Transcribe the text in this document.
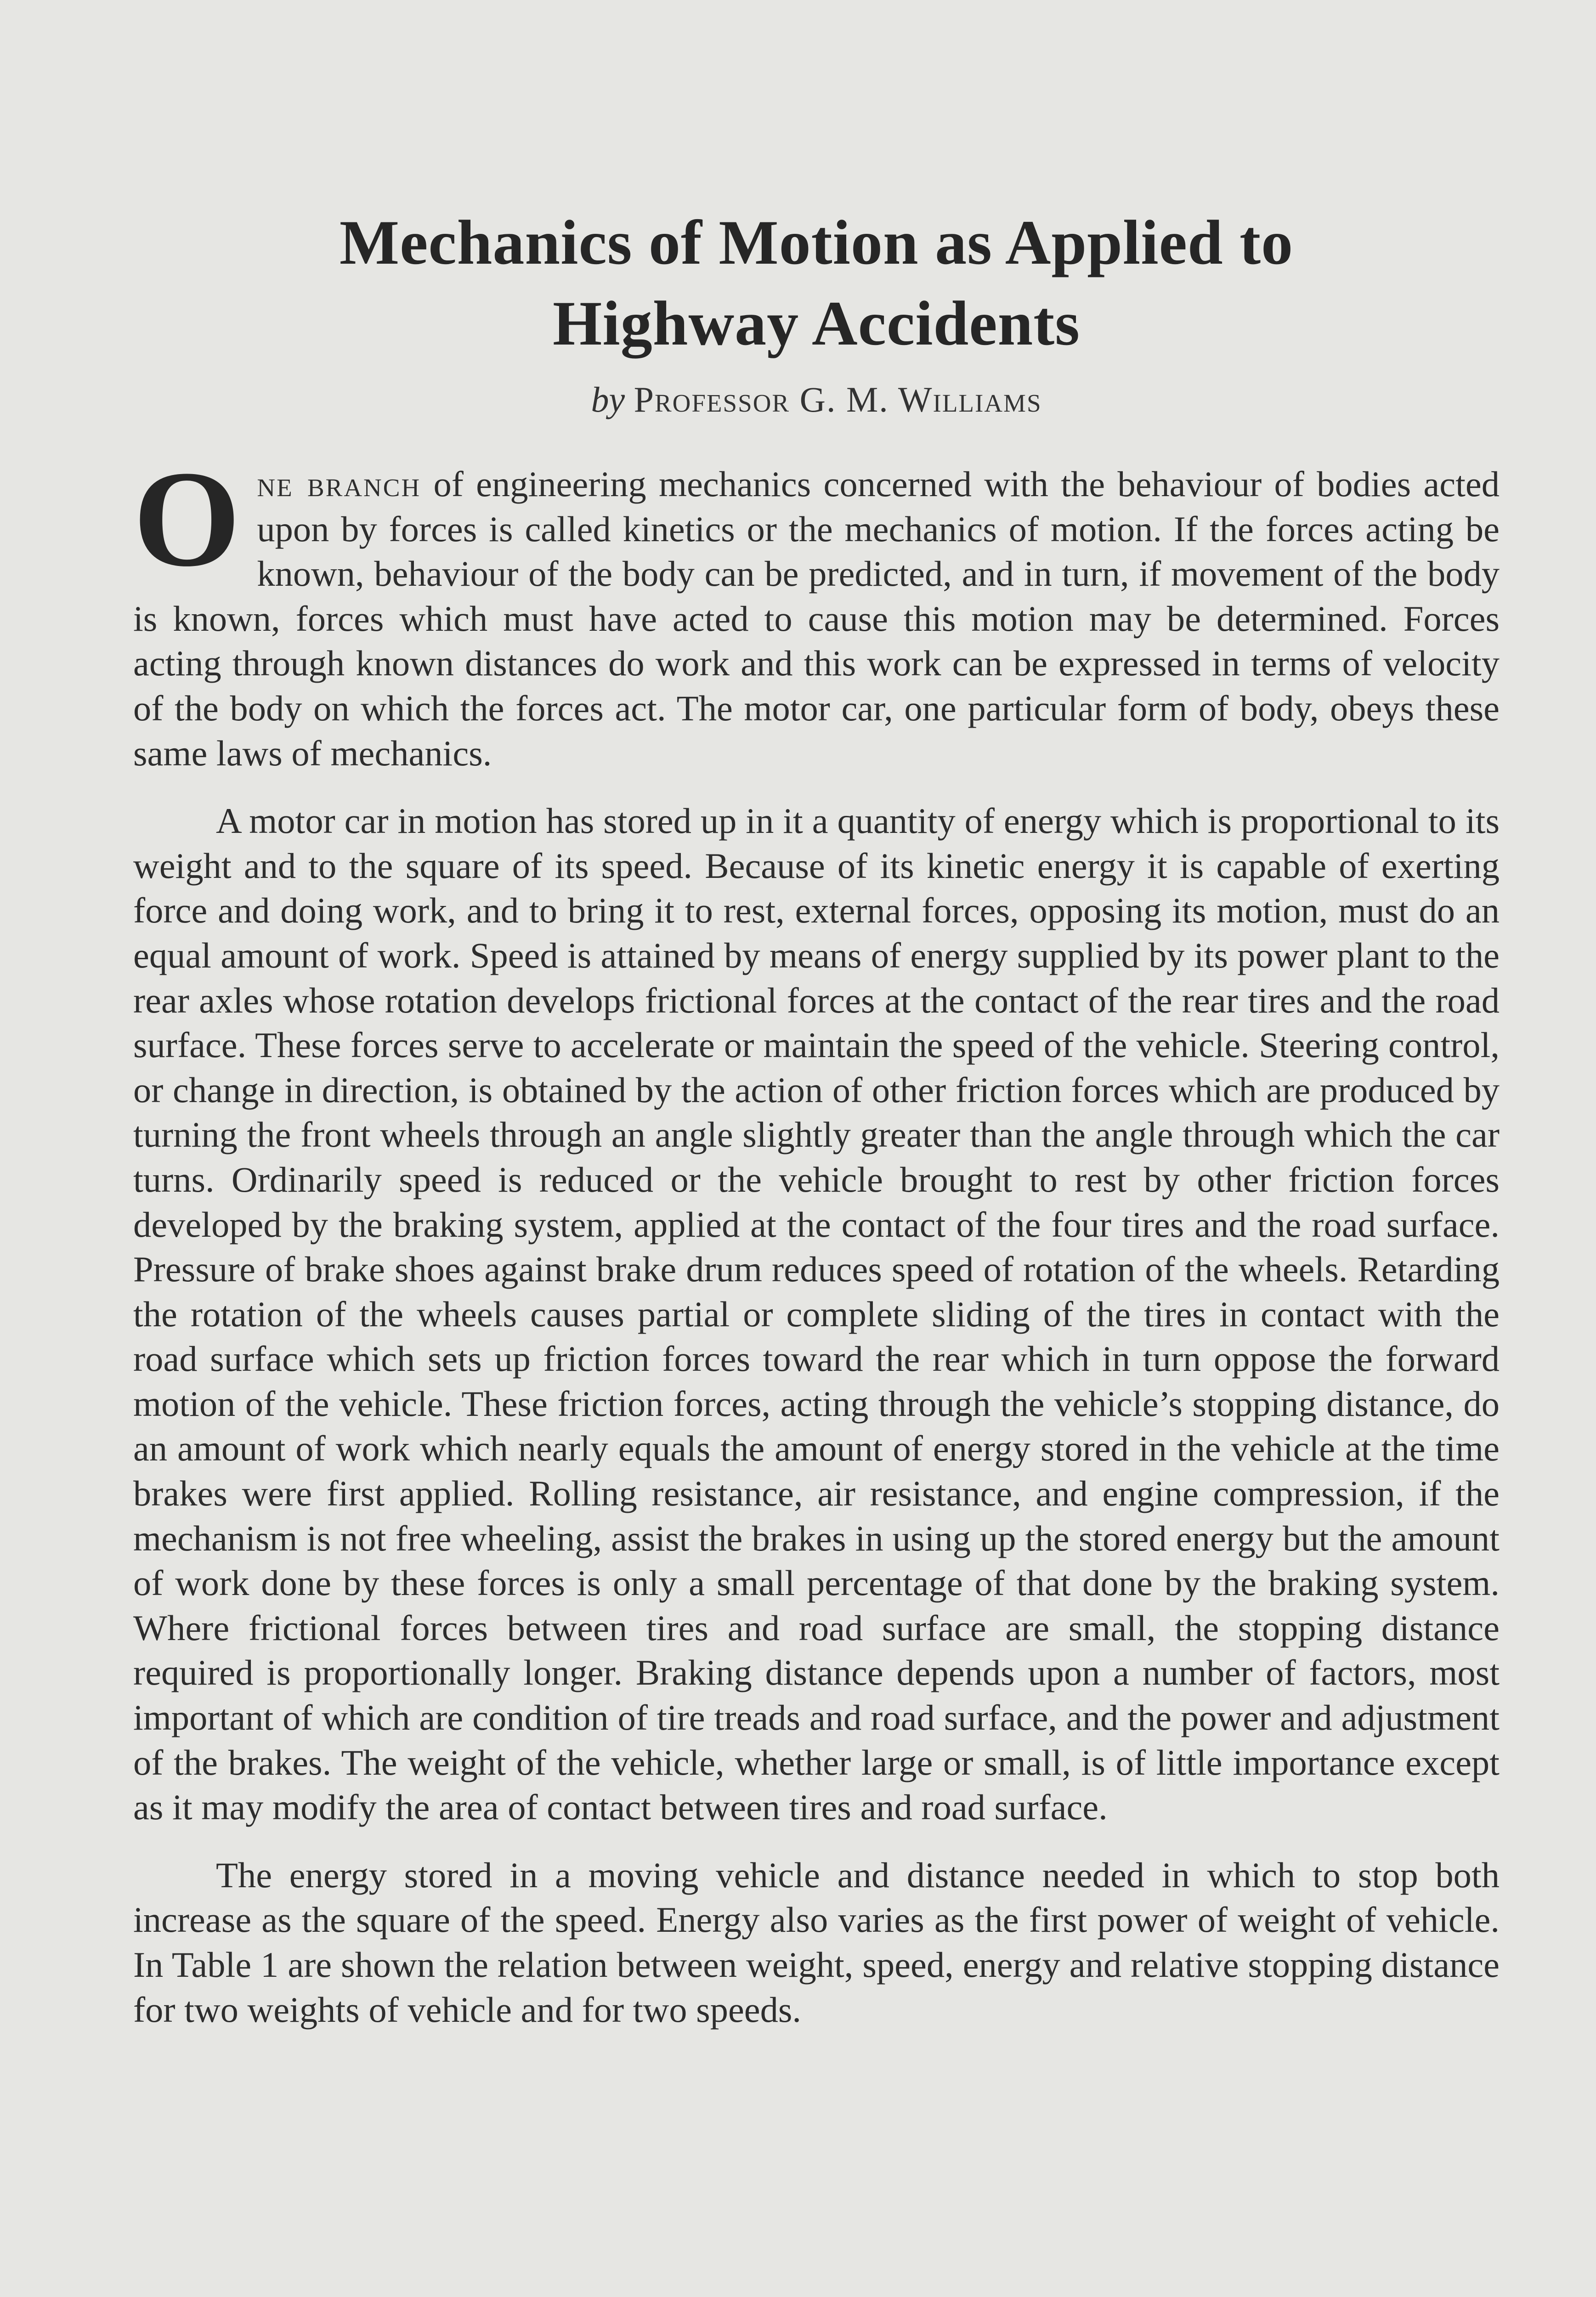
Mechanics of Motion as Applied to
Highway Accidents
by Professor G. M. Williams

One branch of engineering mechanics concerned with the behaviour of bodies acted upon by forces is called kinetics or the mechanics of motion. If the forces acting be known, behaviour of the body can be predicted, and in turn, if movement of the body is known, forces which must have acted to cause this motion may be determined. Forces acting through known distances do work and this work can be expressed in terms of velocity of the body on which the forces act. The motor car, one particular form of body, obeys these same laws of mechanics.

A motor car in motion has stored up in it a quantity of energy which is proportional to its weight and to the square of its speed. Because of its kinetic energy it is capable of exerting force and doing work, and to bring it to rest, external forces, opposing its motion, must do an equal amount of work. Speed is attained by means of energy supplied by its power plant to the rear axles whose rotation develops frictional forces at the contact of the rear tires and the road surface. These forces serve to accelerate or maintain the speed of the vehicle. Steering control, or change in direction, is obtained by the action of other friction forces which are produced by turning the front wheels through an angle slightly greater than the angle through which the car turns. Ordinarily speed is reduced or the vehicle brought to rest by other friction forces developed by the braking system, applied at the contact of the four tires and the road surface. Pressure of brake shoes against brake drum reduces speed of rotation of the wheels. Retarding the rotation of the wheels causes partial or complete sliding of the tires in contact with the road surface which sets up friction forces toward the rear which in turn oppose the forward motion of the vehicle. These friction forces, acting through the vehicle’s stopping distance, do an amount of work which nearly equals the amount of energy stored in the vehicle at the time brakes were first applied. Rolling resistance, air resistance, and engine compression, if the mechanism is not free wheeling, assist the brakes in using up the stored energy but the amount of work done by these forces is only a small percentage of that done by the braking system. Where frictional forces between tires and road surface are small, the stopping distance required is proportionally longer. Braking distance depends upon a number of factors, most important of which are condition of tire treads and road surface, and the power and adjustment of the brakes. The weight of the vehicle, whether large or small, is of little importance except as it may modify the area of contact between tires and road surface.

The energy stored in a moving vehicle and distance needed in which to stop both increase as the square of the speed. Energy also varies as the first power of weight of vehicle. In Table 1 are shown the relation between weight, speed, energy and relative stopping distance for two weights of vehicle and for two speeds.
